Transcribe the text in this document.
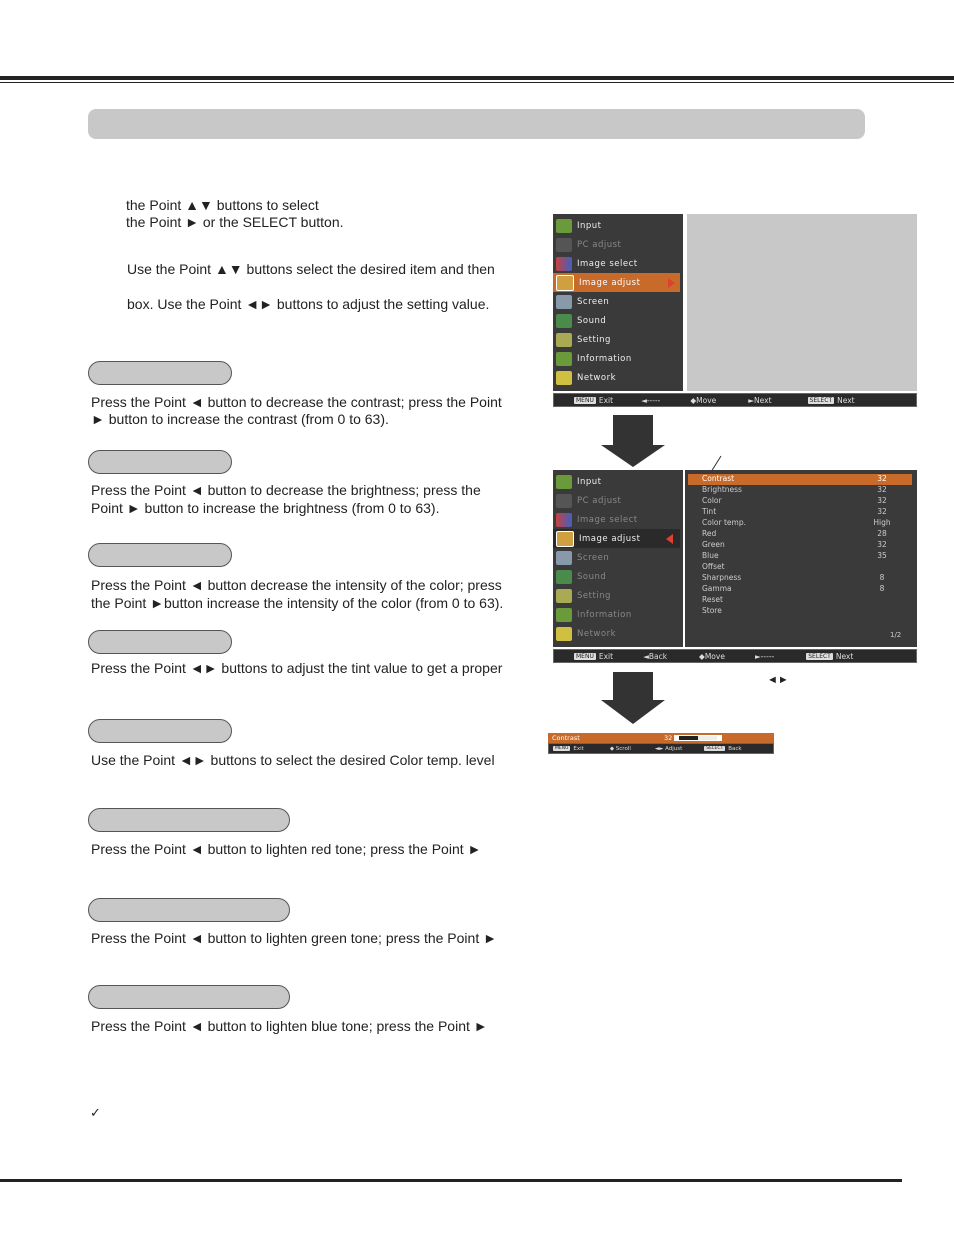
the Point ▲▼ buttons to select
the Point ► or the SELECT button.
Use the Point ▲▼ buttons select the desired item and then
box. Use the Point ◄► buttons to adjust the setting value.
Press the Point ◄ button to decrease the contrast; press the Point
► button to increase the contrast (from 0 to 63).
Press the Point ◄ button to decrease the brightness; press the
Point ► button to increase the brightness (from 0 to 63).
Press the Point ◄ button decrease the intensity of the color; press
the Point ►button increase the intensity of the color (from 0 to 63).
Press the Point ◄► buttons to adjust the tint value to get a proper
Use the Point ◄► buttons to select the desired Color temp. level
Press the Point ◄ button to lighten red tone; press the Point ►
Press the Point ◄ button to lighten green tone; press the Point ►
Press the Point ◄ button to lighten blue tone; press the Point ►
✓
Input
PC adjust
Image select
Image adjust
Screen
Sound
Setting
Information
Network
MENU Exit	◄-----	◆Move	►Next	SELECT Next
Input
PC adjust
Image select
Image adjust
Screen
Sound
Setting
Information
Network
Contrast	32
Brightness	32
Color	32
Tint	32
Color temp.	High
Red	28
Green	32
Blue	35
Offset
Sharpness	8
Gamma	8
Reset
Store
1/2
MENU Exit	◄Back	◆Move	►-----	SELECT Next
◄►
Contrast	32
MENU Exit	◆ Scroll	◄► Adjust	SELECT Back
